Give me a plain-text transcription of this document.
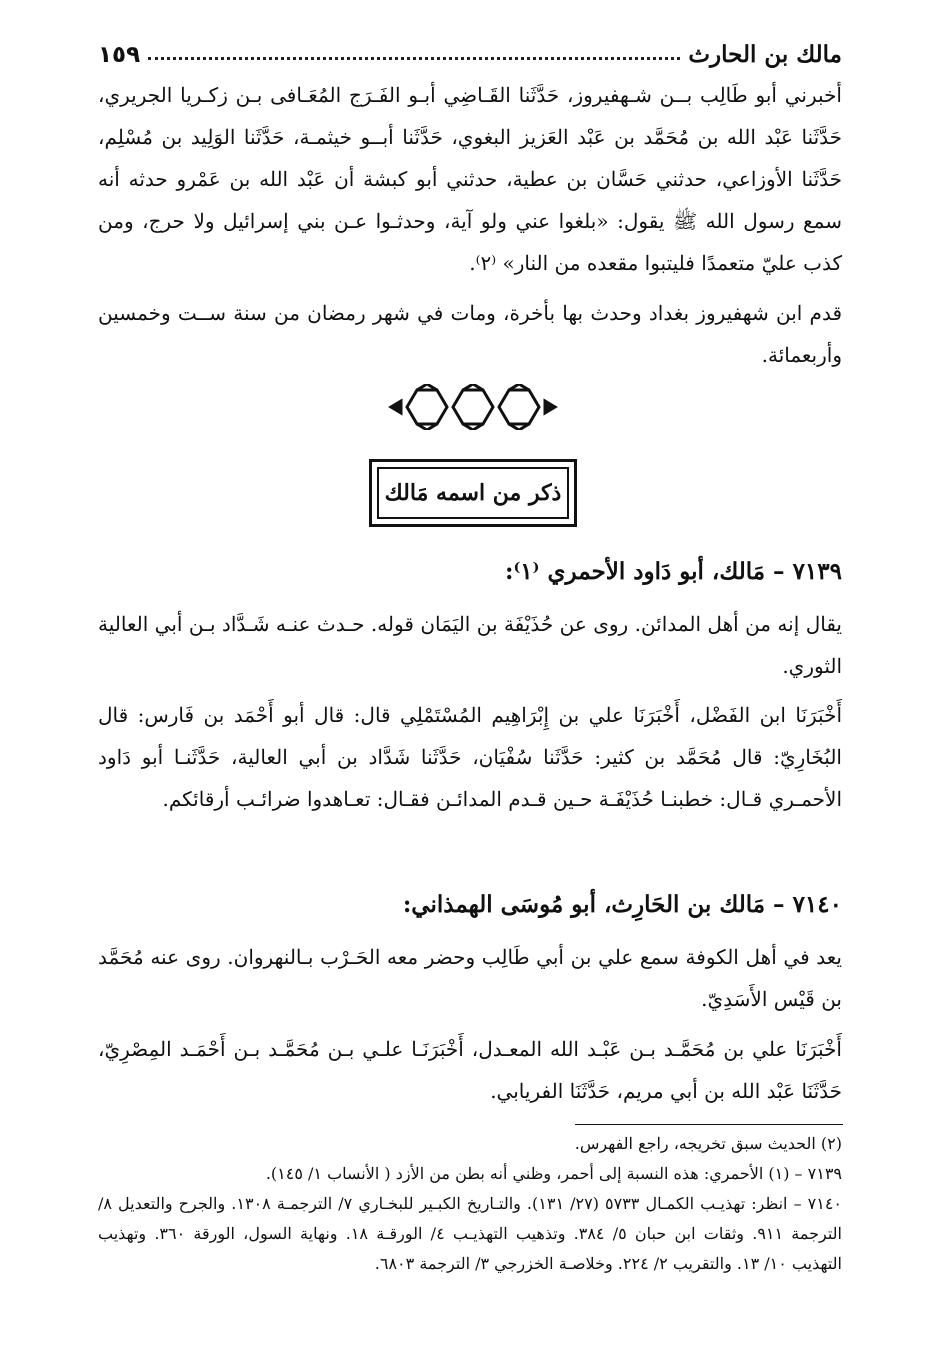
مالك بن الحارث
١٥٩
أخبرني أبو طَالِب بــن شـهفيروز، حَدَّثَنا القَـاضِي أبـو الفَـرَج المُعَـافى بـن زكـريا الجريري، حَدَّثَنا عَبْد الله بن مُحَمَّد بن عَبْد العَزيز البغوي، حَدَّثَنا أبــو خيثمـة، حَدَّثَنا الوَلِيد بن مُسْلِم، حَدَّثَنا الأوزاعي، حدثني حَسَّان بن عطية، حدثني أبو كبشة أن عَبْد الله بن عَمْرو حدثه أنه سمع رسول الله ﷺ يقول: «بلغوا عني ولو آية، وحدثـوا عـن بني إسرائيل ولا حرج، ومن كذب عليّ متعمدًا فليتبوا مقعده من النار» ⁽٢⁾.
قدم ابن شهفيروز بغداد وحدث بها بأخرة، ومات في شهر رمضان من سنة ســت وخمسين وأربعمائة.
ذكر من اسمه مَالك
٧١٣٩ – مَالك، أبو دَاود الأحمري ⁽١⁾:
يقال إنه من أهل المدائن. روى عن حُذَيْفَة بن اليَمَان قوله. حـدث عنـه شَـدَّاد بـن أبي العالية الثوري.
أَخْبَرَنَا ابن الفَضْل، أَخْبَرَنَا علي بن إِبْرَاهِيم المُسْتَمْلِي قال: قال أبو أَحْمَد بن فَارس: قال البُخَارِيّ: قال مُحَمَّد بن كثير: حَدَّثَنا سُفْيَان، حَدَّثَنا شَدَّاد بن أبي العالية، حَدَّثَنـا أبو دَاود الأحمـري قـال: خطبنـا حُذَيْفَـة حـين قـدم المدائـن فقـال: تعـاهدوا ضرائـب أرقائكم.
٧١٤٠ – مَالك بن الحَارِث، أبو مُوسَى الهمذاني:
يعد في أهل الكوفة سمع علي بن أبي طَالِب وحضر معه الحَـرْب بـالنهروان. روى عنه مُحَمَّد بن قَيْس الأَسَدِيّ.
أَخْبَرَنَا علي بن مُحَمَّـد بـن عَبْـد الله المعـدل، أَخْبَرَنَـا علـي بـن مُحَمَّـد بـن أَحْمَـد المِصْرِيّ، حَدَّثَنَا عَبْد الله بن أبي مريم، حَدَّثَنَا الفريابي.
(٢) الحديث سبق تخريجه، راجع الفهرس.
٧١٣٩ – (١) الأحمري: هذه النسبة إلى أحمر، وظني أنه بطن من الأزد ( الأنساب ١/ ١٤٥).
٧١٤٠ – انظر: تهذيـب الكمـال ٥٧٣٣ (٢٧/ ١٣١). والتـاريخ الكبـير للبخـاري ٧/ الترجمـة ١٣٠٨. والجرح والتعديل ٨/ الترجمة ٩١١. وثقات ابن حبان ٥/ ٣٨٤. وتذهيب التهذيـب ٤/ الورقـة ١٨. ونهاية السول، الورقة ٣٦٠. وتهذيب التهذيب ١٠/ ١٣. والتقريب ٢/ ٢٢٤. وخلاصـة الخزرجي ٣/ الترجمة ٦٨٠٣.
